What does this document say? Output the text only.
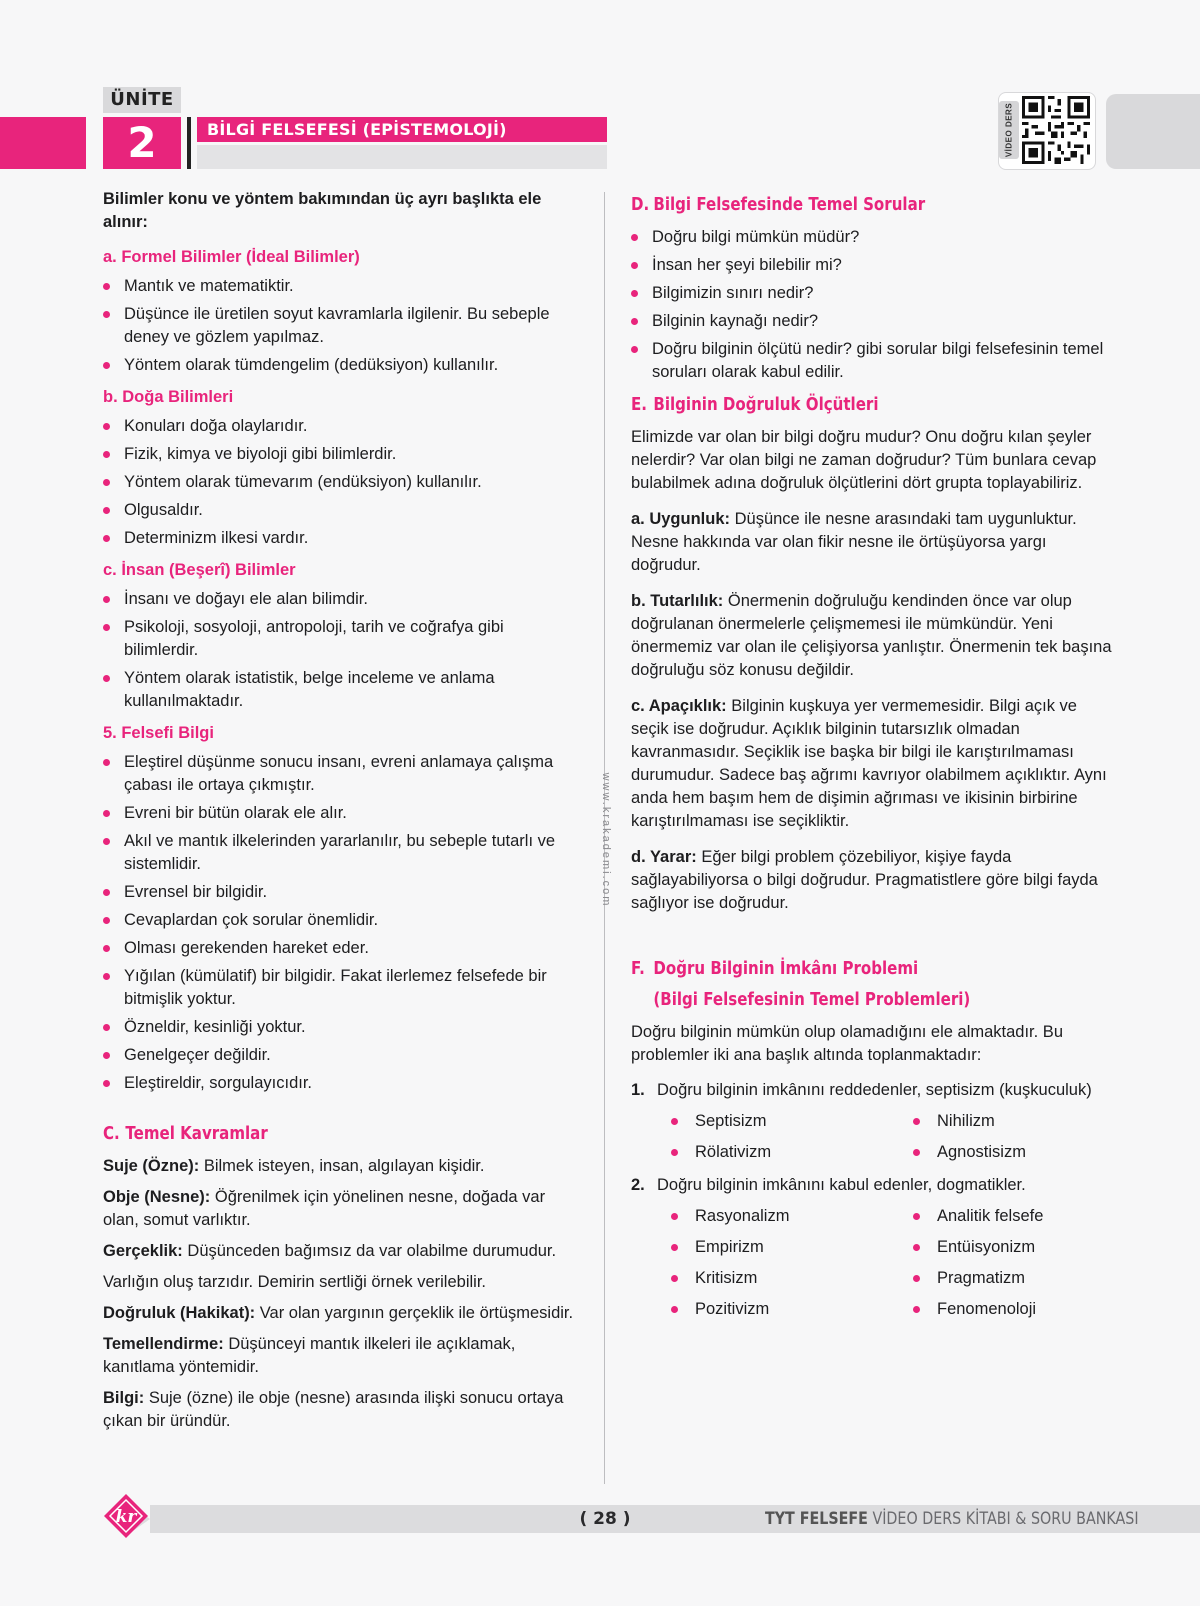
ÜNİTE
2	BİLGİ FELSEFESİ (EPİSTEMOLOJİ)	VİDEO DERS
www.krakademi.com
Bilimler konu ve yöntem bakımından üç ayrı başlıkta ele alınır:
a. Formel Bilimler (İdeal Bilimler)
Mantık ve matematiktir.
Düşünce ile üretilen soyut kavramlarla ilgilenir. Bu sebeple deney ve gözlem yapılmaz.
Yöntem olarak tümdengelim (dedüksiyon) kullanılır.
b. Doğa Bilimleri
Konuları doğa olaylarıdır.
Fizik, kimya ve biyoloji gibi bilimlerdir.
Yöntem olarak tümevarım (endüksiyon) kullanılır.
Olgusaldır.
Determinizm ilkesi vardır.
c. İnsan (Beşerî) Bilimler
İnsanı ve doğayı ele alan bilimdir.
Psikoloji, sosyoloji, antropoloji, tarih ve coğrafya gibi bilimlerdir.
Yöntem olarak istatistik, belge inceleme ve anlama kullanılmaktadır.
5. Felsefi Bilgi
Eleştirel düşünme sonucu insanı, evreni anlamaya çalışma çabası ile ortaya çıkmıştır.
Evreni bir bütün olarak ele alır.
Akıl ve mantık ilkelerinden yararlanılır, bu sebeple tutarlı ve sistemlidir.
Evrensel bir bilgidir.
Cevaplardan çok sorular önemlidir.
Olması gerekenden hareket eder.
Yığılan (kümülatif) bir bilgidir. Fakat ilerlemez felsefede bir bitmişlik yoktur.
Özneldir, kesinliği yoktur.
Genelgeçer değildir.
Eleştireldir, sorgulayıcıdır.
C. Temel Kavramlar
Suje (Özne): Bilmek isteyen, insan, algılayan kişidir.
Obje (Nesne): Öğrenilmek için yönelinen nesne, doğada var olan, somut varlıktır.
Gerçeklik: Düşünceden bağımsız da var olabilme durumudur.
Varlığın oluş tarzıdır. Demirin sertliği örnek verilebilir.
Doğruluk (Hakikat): Var olan yargının gerçeklik ile örtüşmesidir.
Temellendirme: Düşünceyi mantık ilkeleri ile açıklamak, kanıtlama yöntemidir.
Bilgi: Suje (özne) ile obje (nesne) arasında ilişki sonucu ortaya çıkan bir üründür.
D. Bilgi Felsefesinde Temel Sorular
Doğru bilgi mümkün müdür?
İnsan her şeyi bilebilir mi?
Bilgimizin sınırı nedir?
Bilginin kaynağı nedir?
Doğru bilginin ölçütü nedir? gibi sorular bilgi felsefesinin temel soruları olarak kabul edilir.
E. Bilginin Doğruluk Ölçütleri
Elimizde var olan bir bilgi doğru mudur? Onu doğru kılan şeyler nelerdir? Var olan bilgi ne zaman doğrudur? Tüm bunlara cevap bulabilmek adına doğruluk ölçütlerini dört grupta toplayabiliriz.
a. Uygunluk: Düşünce ile nesne arasındaki tam uygunluktur. Nesne hakkında var olan fikir nesne ile örtüşüyorsa yargı doğrudur.
b. Tutarlılık: Önermenin doğruluğu kendinden önce var olup doğrulanan önermelerle çelişmemesi ile mümkündür. Yeni önermemiz var olan ile çelişiyorsa yanlıştır. Önermenin tek başına doğruluğu söz konusu değildir.
c. Apaçıklık: Bilginin kuşkuya yer vermemesidir. Bilgi açık ve seçik ise doğrudur. Açıklık bilginin tutarsızlık olmadan kavranmasıdır. Seçiklik ise başka bir bilgi ile karıştırılmaması durumudur. Sadece baş ağrımı kavrıyor olabilmem açıklıktır. Aynı anda hem başım hem de dişimin ağrıması ve ikisinin birbirine karıştırılmaması ise seçikliktir.
d. Yarar: Eğer bilgi problem çözebiliyor, kişiye fayda sağlayabiliyorsa o bilgi doğrudur. Pragmatistlere göre bilgi fayda sağlıyor ise doğrudur.
F. Doğru Bilginin İmkânı Problemi
(Bilgi Felsefesinin Temel Problemleri)
Doğru bilginin mümkün olup olamadığını ele almaktadır. Bu problemler iki ana başlık altında toplanmaktadır:
1. Doğru bilginin imkânını reddedenler, septisizm (kuşkuculuk)
Septisizm	Nihilizm
Rölativizm	Agnostisizm
2. Doğru bilginin imkânını kabul edenler, dogmatikler.
Rasyonalizm	Analitik felsefe
Empirizm	Entüisyonizm
Kritisizm	Pragmatizm
Pozitivizm	Fenomenoloji
kr	( 28 )	TYT FELSEFE VİDEO DERS KİTABI & SORU BANKASI
